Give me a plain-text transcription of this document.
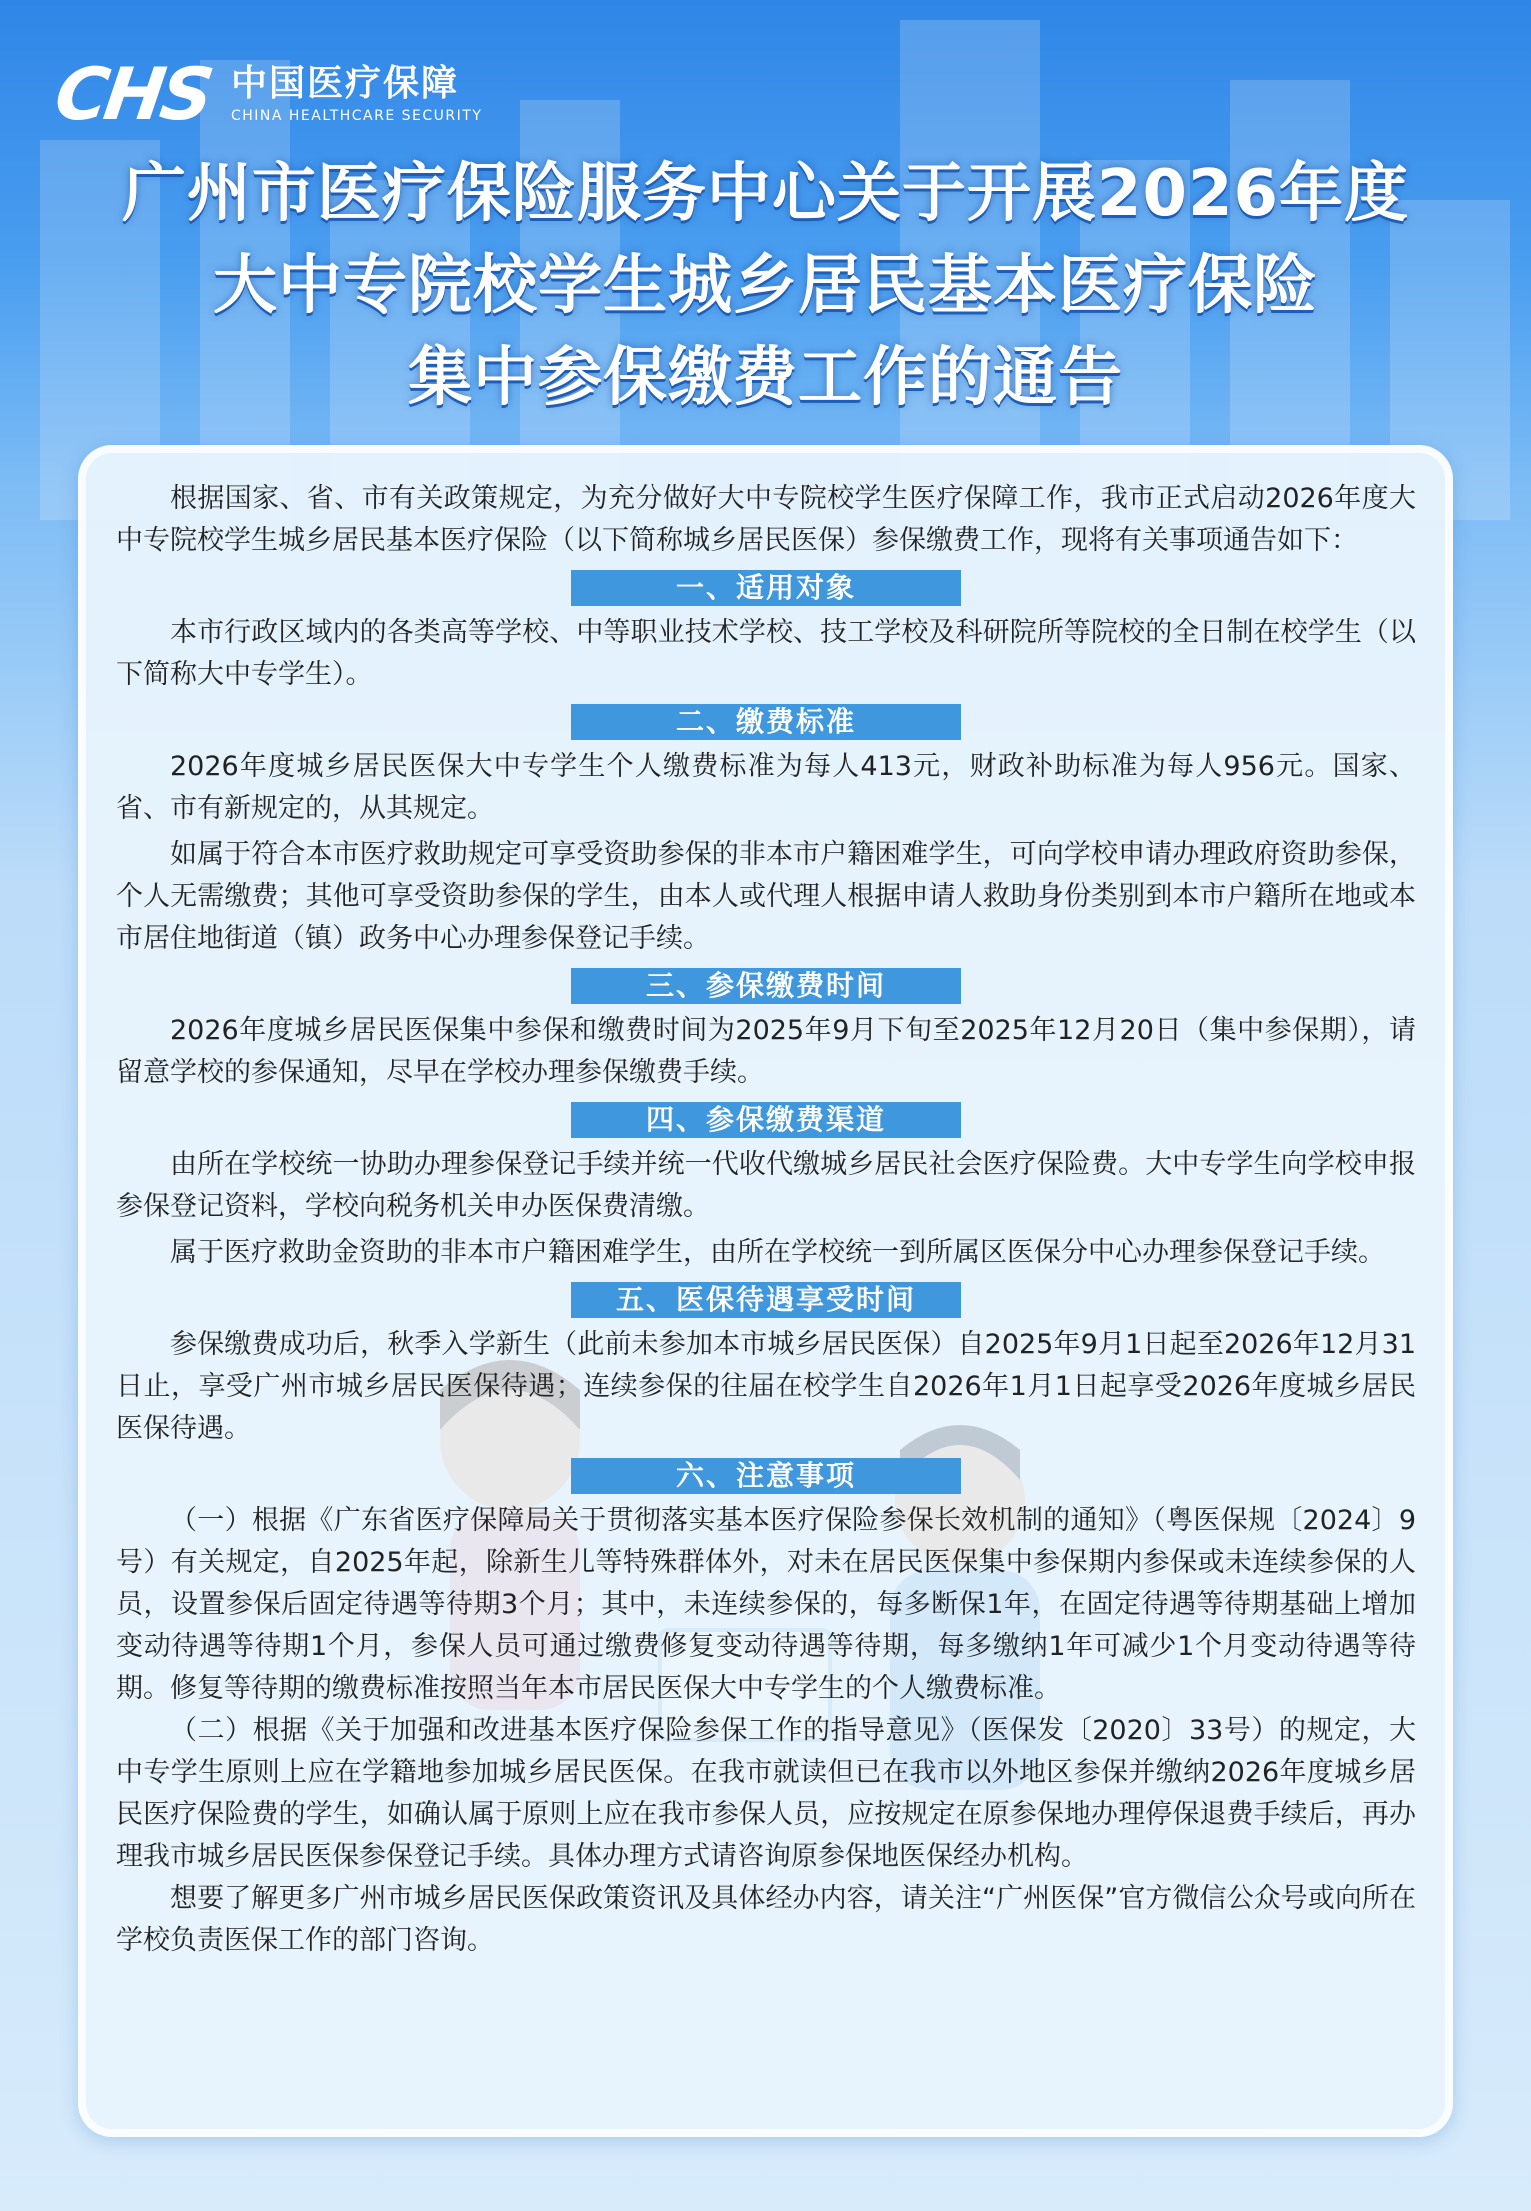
CHS 中国医疗保障
CHINA HEALTHCARE SECURITY
广州市医疗保险服务中心关于开展2026年度
大中专院校学生城乡居民基本医疗保险
集中参保缴费工作的通告

根据国家、省、市有关政策规定，为充分做好大中专院校学生医疗保障工作，我市正式启动2026年度大中专院校学生城乡居民基本医疗保险（以下简称城乡居民医保）参保缴费工作，现将有关事项通告如下：

一、适用对象

本市行政区域内的各类高等学校、中等职业技术学校、技工学校及科研院所等院校的全日制在校学生（以下简称大中专学生）。

二、缴费标准

2026年度城乡居民医保大中专学生个人缴费标准为每人413元，财政补助标准为每人956元。国家、省、市有新规定的，从其规定。

如属于符合本市医疗救助规定可享受资助参保的非本市户籍困难学生，可向学校申请办理政府资助参保，个人无需缴费；其他可享受资助参保的学生，由本人或代理人根据申请人救助身份类别到本市户籍所在地或本市居住地街道（镇）政务中心办理参保登记手续。

三、参保缴费时间

2026年度城乡居民医保集中参保和缴费时间为2025年9月下旬至2025年12月20日（集中参保期），请留意学校的参保通知，尽早在学校办理参保缴费手续。

四、参保缴费渠道

由所在学校统一协助办理参保登记手续并统一代收代缴城乡居民社会医疗保险费。大中专学生向学校申报参保登记资料，学校向税务机关申办医保费清缴。

属于医疗救助金资助的非本市户籍困难学生，由所在学校统一到所属区医保分中心办理参保登记手续。

五、医保待遇享受时间

参保缴费成功后，秋季入学新生（此前未参加本市城乡居民医保）自2025年9月1日起至2026年12月31日止，享受广州市城乡居民医保待遇；连续参保的往届在校学生自2026年1月1日起享受2026年度城乡居民医保待遇。

六、注意事项

（一）根据《广东省医疗保障局关于贯彻落实基本医疗保险参保长效机制的通知》（粤医保规〔2024〕9号）有关规定，自2025年起，除新生儿等特殊群体外，对未在居民医保集中参保期内参保或未连续参保的人员，设置参保后固定待遇等待期3个月；其中，未连续参保的，每多断保1年，在固定待遇等待期基础上增加变动待遇等待期1个月，参保人员可通过缴费修复变动待遇等待期，每多缴纳1年可减少1个月变动待遇等待期。修复等待期的缴费标准按照当年本市居民医保大中专学生的个人缴费标准。

（二）根据《关于加强和改进基本医疗保险参保工作的指导意见》（医保发〔2020〕33号）的规定，大中专学生原则上应在学籍地参加城乡居民医保。在我市就读但已在我市以外地区参保并缴纳2026年度城乡居民医疗保险费的学生，如确认属于原则上应在我市参保人员，应按规定在原参保地办理停保退费手续后，再办理我市城乡居民医保参保登记手续。具体办理方式请咨询原参保地医保经办机构。

想要了解更多广州市城乡居民医保政策资讯及具体经办内容，请关注“广州医保”官方微信公众号或向所在学校负责医保工作的部门咨询。
